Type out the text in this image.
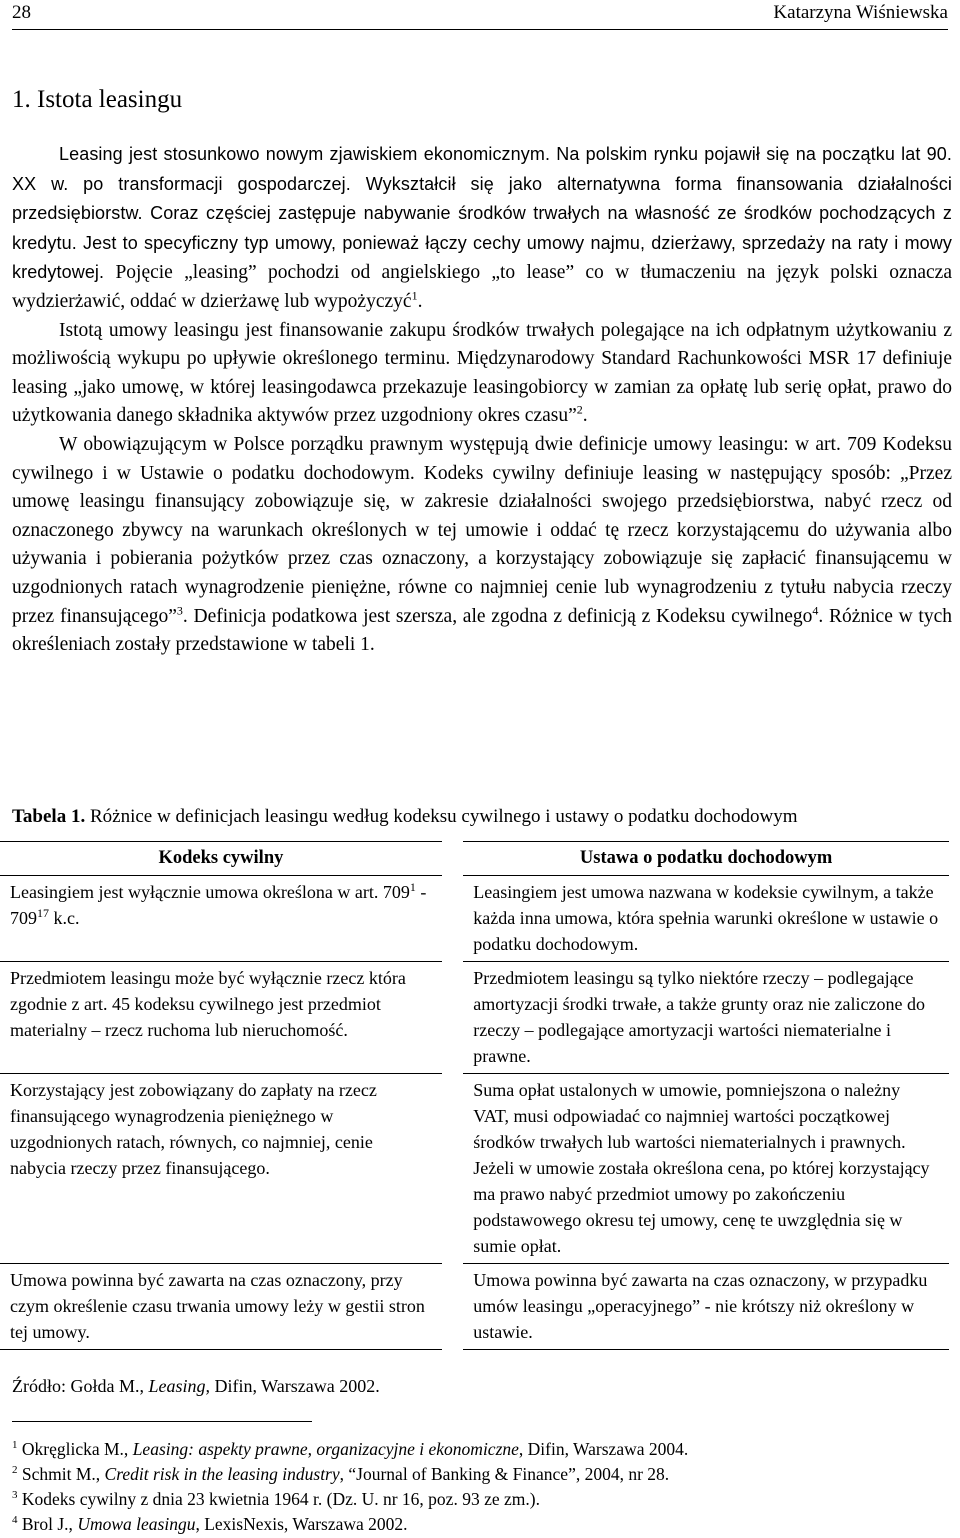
28	Katarzyna Wiśniewska
1. Istota leasingu

Leasing jest stosunkowo nowym zjawiskiem ekonomicznym. Na polskim rynku pojawił się na początku lat 90. XX w. po transformacji gospodarczej. Wykształcił się jako alternatywna forma finansowania działalności przedsiębiorstw. Coraz częściej zastępuje nabywanie środków trwałych na własność ze środków pochodzących z kredytu. Jest to specyficzny typ umowy, ponieważ łączy cechy umowy najmu, dzierżawy, sprzedaży na raty i mowy kredytowej. Pojęcie „leasing” pochodzi od angielskiego „to lease” co w tłumaczeniu na język polski oznacza wydzierżawić, oddać w dzierżawę lub wypożyczyć$^1$.

Istotą umowy leasingu jest finansowanie zakupu środków trwałych polegające na ich odpłatnym użytkowaniu z możliwością wykupu po upływie określonego terminu. Międzynarodowy Standard Rachunkowości MSR 17 definiuje leasing „jako umowę, w której leasingodawca przekazuje leasingobiorcy w zamian za opłatę lub serię opłat, prawo do użytkowania danego składnika aktywów przez uzgodniony okres czasu”$^2$.

W obowiązującym w Polsce porządku prawnym występują dwie definicje umowy leasingu: w art. 709 Kodeksu cywilnego i w Ustawie o podatku dochodowym. Kodeks cywilny definiuje leasing w następujący sposób: „Przez umowę leasingu finansujący zobowiązuje się, w zakresie działalności swojego przedsiębiorstwa, nabyć rzecz od oznaczonego zbywcy na warunkach określonych w tej umowie i oddać tę rzecz korzystającemu do używania albo używania i pobierania pożytków przez czas oznaczony, a korzystający zobowiązuje się zapłacić finansującemu w uzgodnionych ratach wynagrodzenie pieniężne, równe co najmniej cenie lub wynagrodzeniu z tytułu nabycia rzeczy przez finansującego”$^3$. Definicja podatkowa jest szersza, ale zgodna z definicją z Kodeksu cywilnego$^4$. Różnice w tych określeniach zostały przedstawione w tabeli 1.

Tabela 1. Różnice w definicjach leasingu według kodeksu cywilnego i ustawy o podatku dochodowym
Kodeks cywilny		Ustawa o podatku dochodowym
Leasingiem jest wyłącznie umowa określona w art. $709^1 - 709^{17}$ k.c.		Leasingiem jest umowa nazwana w kodeksie cywilnym, a także każda inna umowa, która spełnia warunki określone w ustawie o podatku dochodowym.
Przedmiotem leasingu może być wyłącznie rzecz która zgodnie z art. 45 kodeksu cywilnego jest przedmiot materialny – rzecz ruchoma lub nieruchomość.		Przedmiotem leasingu są tylko niektóre rzeczy – podlegające amortyzacji środki trwałe, a także grunty oraz nie zaliczone do rzeczy – podlegające amortyzacji wartości niematerialne i prawne.
Korzystający jest zobowiązany do zapłaty na rzecz finansującego wynagrodzenia pieniężnego w uzgodnionych ratach, równych, co najmniej, cenie nabycia rzeczy przez finansującego.		Suma opłat ustalonych w umowie, pomniejszona o należny VAT, musi odpowiadać co najmniej wartości początkowej środków trwałych lub wartości niematerialnych i prawnych. Jeżeli w umowie została określona cena, po której korzystający ma prawo nabyć przedmiot umowy po zakończeniu podstawowego okresu tej umowy, cenę te uwzględnia się w sumie opłat.
Umowa powinna być zawarta na czas oznaczony, przy czym określenie czasu trwania umowy leży w gestii stron tej umowy.		Umowa powinna być zawarta na czas oznaczony, w przypadku umów leasingu „operacyjnego” - nie krótszy niż określony w ustawie.
Źródło: Gołda M., Leasing, Difin, Warszawa 2002.
$^1$ Okręglicka M., Leasing: aspekty prawne, organizacyjne i ekonomiczne, Difin, Warszawa 2004.
$^2$ Schmit M., Credit risk in the leasing industry, “Journal of Banking & Finance”, 2004, nr 28.
$^3$ Kodeks cywilny z dnia 23 kwietnia 1964 r. (Dz. U. nr 16, poz. 93 ze zm.).
$^4$ Brol J., Umowa leasingu, LexisNexis, Warszawa 2002.
